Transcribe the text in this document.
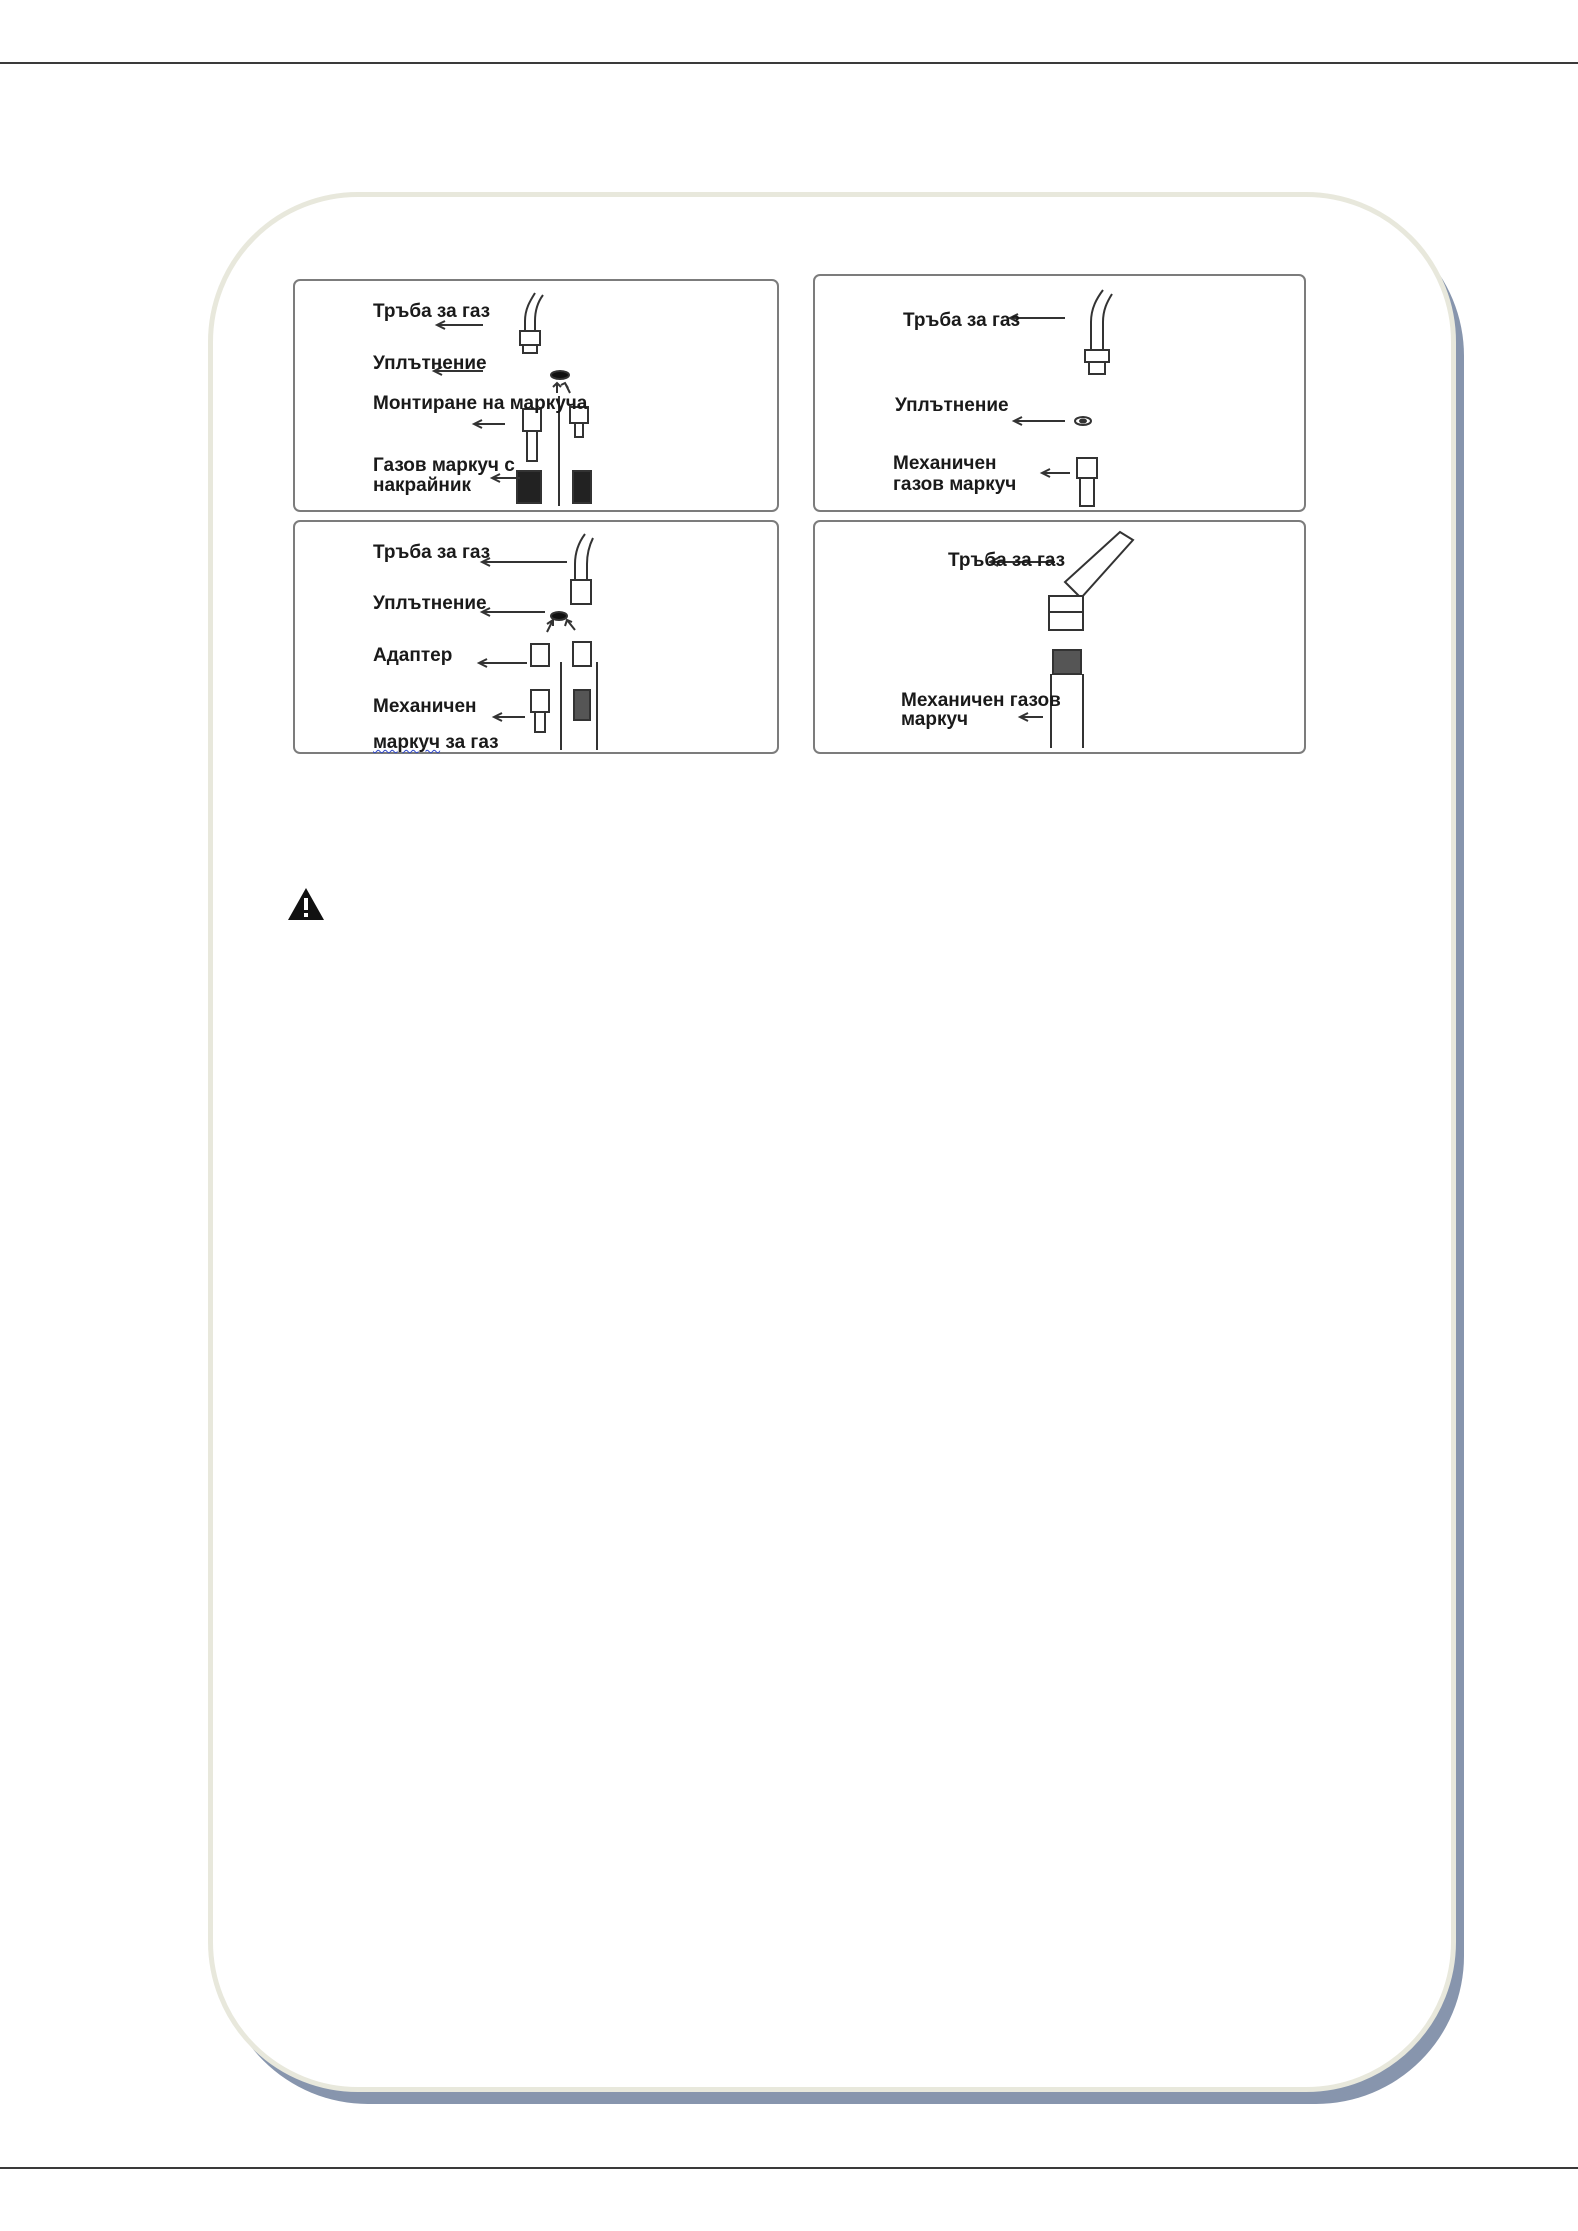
Тръба за газ
Уплътнение
Монтиране на маркуча
Газов маркуч с
накрайник
Тръба за газ
Уплътнение
Механичен
газов маркуч
Тръба за газ
Уплътнение
Адаптер
Механичен
маркуч за газ
Тръба за газ
Механичен газов
маркуч
